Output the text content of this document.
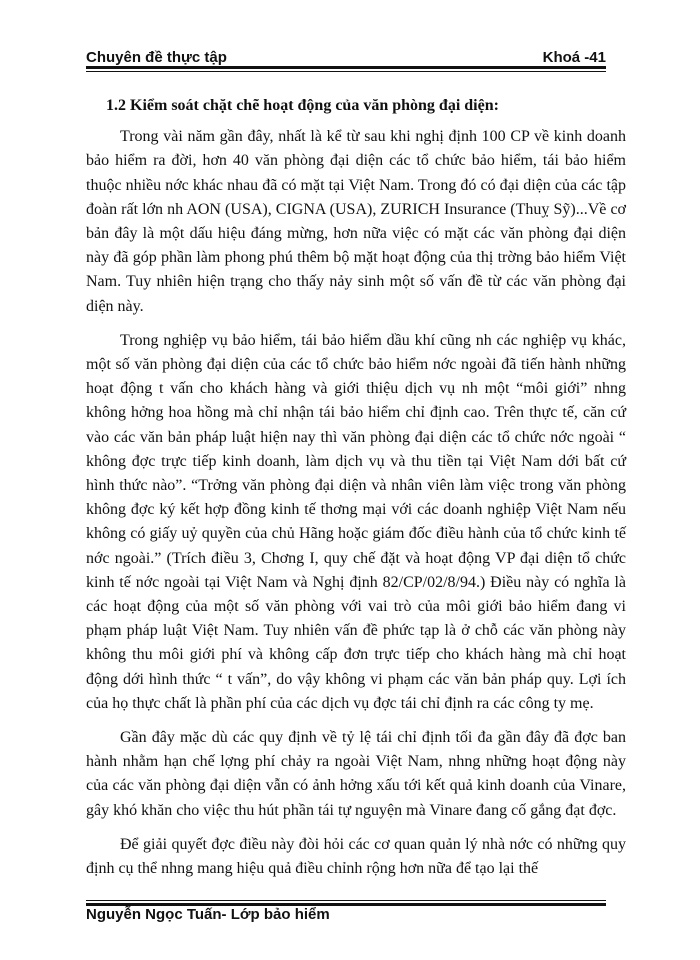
Chuyên đề thực tập	Khoá -41
1.2 Kiểm soát chặt chẽ hoạt động của văn phòng đại diện:

Trong vài năm gần đây, nhất là kể từ sau khi nghị định 100 CP về kinh doanh bảo hiểm ra đời, hơn 40 văn phòng đại diện các tổ chức bảo hiểm, tái bảo hiểm thuộc nhiều nớc khác nhau đã có mặt tại Việt Nam. Trong đó có đại diện của các tập đoàn rất lớn nh AON (USA), CIGNA (USA), ZURICH Insurance (Thuỵ Sỹ)...Về cơ bản đây là một dấu hiệu đáng mừng, hơn nữa việc có mặt các văn phòng đại diện này đã góp phần làm phong phú thêm bộ mặt hoạt động của thị trờng bảo hiểm Việt Nam. Tuy nhiên hiện trạng cho thấy nảy sinh một số vấn đề từ các văn phòng đại diện này.

Trong nghiệp vụ bảo hiểm, tái bảo hiểm dầu khí cũng nh các nghiệp vụ khác, một số văn phòng đại diện của các tổ chức bảo hiểm nớc ngoài đã tiến hành những hoạt động t vấn cho khách hàng và giới thiệu dịch vụ nh một “môi giới” nhng không hởng hoa hồng mà chỉ nhận tái bảo hiểm chỉ định cao. Trên thực tế, căn cứ vào các văn bản pháp luật hiện nay thì văn phòng đại diện các tổ chức nớc ngoài “ không đợc trực tiếp kinh doanh, làm dịch vụ và thu tiền tại Việt Nam dới bất cứ hình thức nào”. “Trởng văn phòng đại diện và nhân viên làm việc trong văn phòng không đợc ký kết hợp đồng kinh tế thơng mại với các doanh nghiệp Việt Nam nếu không có giấy uỷ quyền của chủ Hãng hoặc giám đốc điều hành của tổ chức kinh tế nớc ngoài.” (Trích điều 3, Chơng I, quy chế đặt và hoạt động VP đại diện tổ chức kinh tế nớc ngoài tại Việt Nam và Nghị định 82/CP/02/8/94.) Điều này có nghĩa là các hoạt động của một số văn phòng với vai trò của môi giới bảo hiểm đang vi phạm pháp luật Việt Nam. Tuy nhiên vấn đề phức tạp là ở chỗ các văn phòng này không thu môi giới phí và không cấp đơn trực tiếp cho khách hàng mà chỉ hoạt động dới hình thức “ t vấn”, do vậy không vi phạm các văn bản pháp quy. Lợi ích của họ thực chất là phần phí của các dịch vụ đợc tái chỉ định ra các công ty mẹ.

Gần đây mặc dù các quy định về tỷ lệ tái chỉ định tối đa gần đây đã đợc ban hành nhằm hạn chế lợng phí chảy ra ngoài Việt Nam, nhng những hoạt động này của các văn phòng đại diện vẫn có ảnh hởng xấu tới kết quả kinh doanh của Vinare, gây khó khăn cho việc thu hút phần tái tự nguyện mà Vinare đang cố gắng đạt đợc.

Để giải quyết đợc điều này đòi hỏi các cơ quan quản lý nhà nớc có những quy định cụ thể nhng mang hiệu quả điều chỉnh rộng hơn nữa để tạo lại thế

Nguyễn Ngọc Tuấn- Lớp bảo hiểm
